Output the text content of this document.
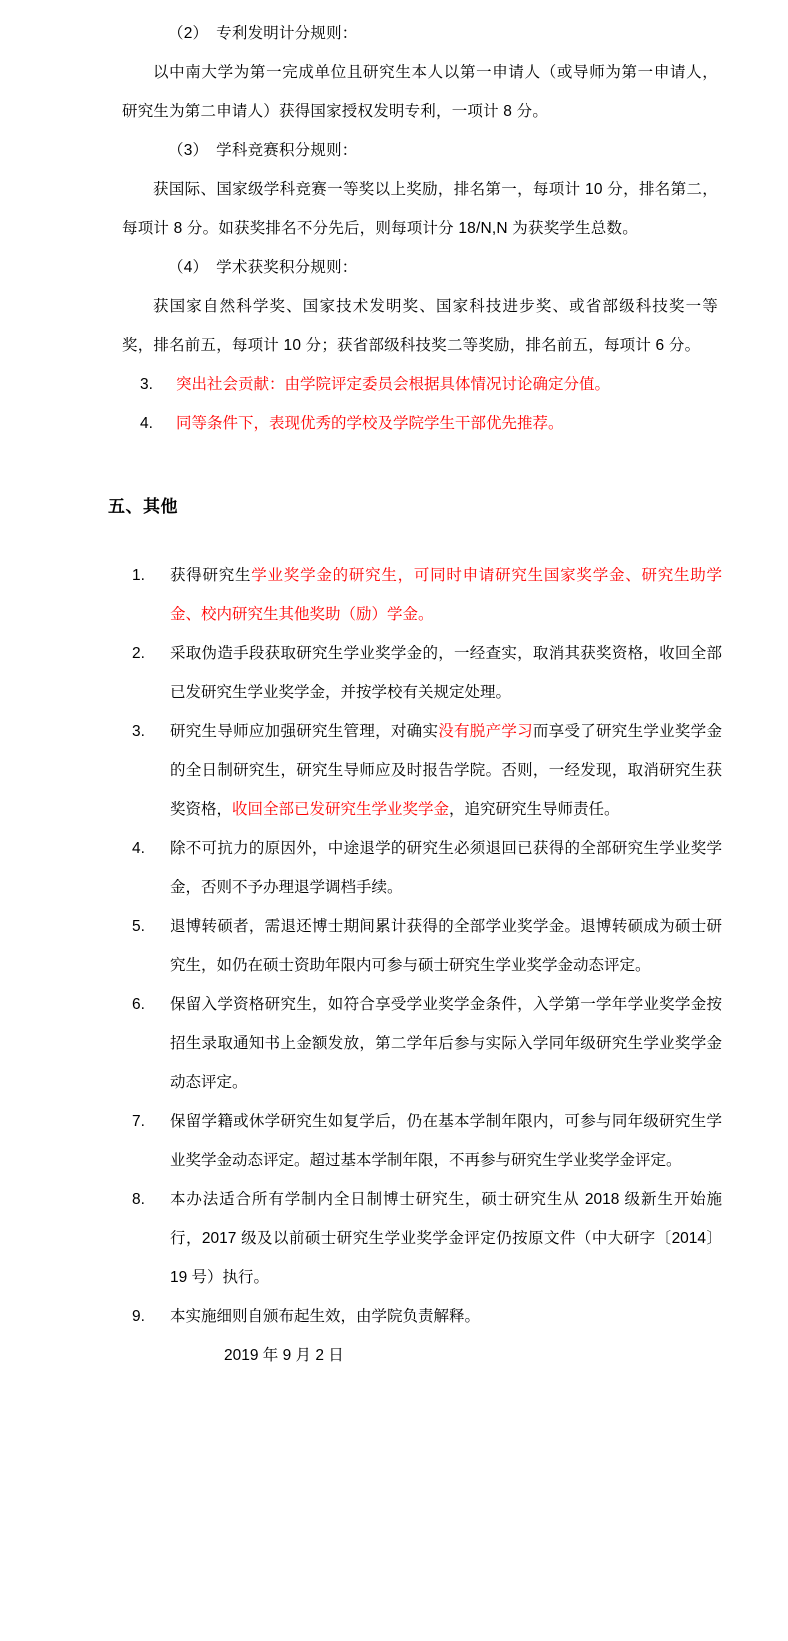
（2）　专利发明计分规则：

以中南大学为第一完成单位且研究生本人以第一申请人（或导师为第一申请人，研究生为第二申请人）获得国家授权发明专利，一项计 8 分。

（3）　学科竞赛积分规则：

获国际、国家级学科竞赛一等奖以上奖励，排名第一，每项计 10 分，排名第二，每项计 8 分。如获奖排名不分先后，则每项计分 18/N,N 为获奖学生总数。

（4）　学术获奖积分规则：

获国家自然科学奖、国家技术发明奖、国家科技进步奖、或省部级科技奖一等奖，排名前五，每项计 10 分；获省部级科技奖二等奖励，排名前五，每项计 6 分。

3.	突出社会贡献：由学院评定委员会根据具体情况讨论确定分值。
4.	同等条件下，表现优秀的学校及学院学生干部优先推荐。
五、其他
1.	获得研究生学业奖学金的研究生，可同时申请研究生国家奖学金、研究生助学金、校内研究生其他奖助（励）学金。
2.	采取伪造手段获取研究生学业奖学金的，一经查实，取消其获奖资格，收回全部已发研究生学业奖学金，并按学校有关规定处理。
3.	研究生导师应加强研究生管理，对确实没有脱产学习而享受了研究生学业奖学金的全日制研究生，研究生导师应及时报告学院。否则，一经发现，取消研究生获奖资格，收回全部已发研究生学业奖学金，追究研究生导师责任。
4.	除不可抗力的原因外，中途退学的研究生必须退回已获得的全部研究生学业奖学金，否则不予办理退学调档手续。
5.	退博转硕者，需退还博士期间累计获得的全部学业奖学金。退博转硕成为硕士研究生，如仍在硕士资助年限内可参与硕士研究生学业奖学金动态评定。
6.	保留入学资格研究生，如符合享受学业奖学金条件，入学第一学年学业奖学金按招生录取通知书上金额发放，第二学年后参与实际入学同年级研究生学业奖学金动态评定。
7.	保留学籍或休学研究生如复学后，仍在基本学制年限内，可参与同年级研究生学业奖学金动态评定。超过基本学制年限，不再参与研究生学业奖学金评定。
8.	本办法适合所有学制内全日制博士研究生，硕士研究生从 2018 级新生开始施行，2017 级及以前硕士研究生学业奖学金评定仍按原文件（中大研字〔2014〕19 号）执行。
9.	本实施细则自颁布起生效，由学院负责解释。

2019 年 9 月 2 日
